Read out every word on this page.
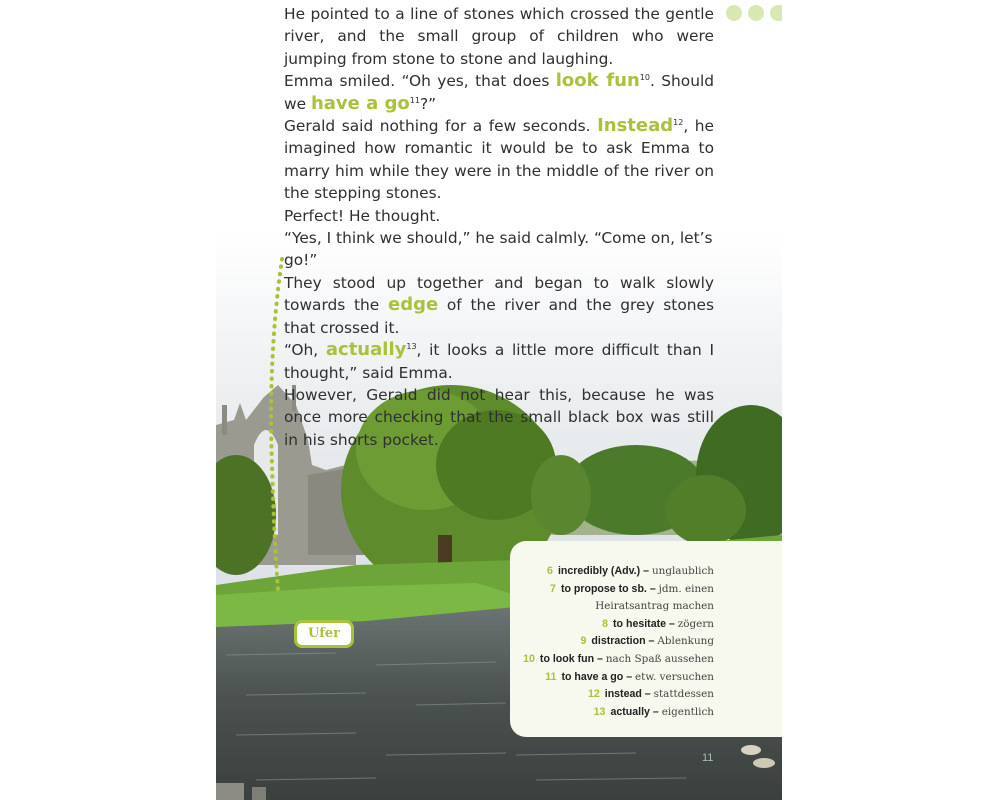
He pointed to a line of stones which crossed the gentle river, and the small group of children who were jumping from stone to stone and laughing.

Emma smiled. “Oh yes, that does look fun$^{10}$. Should we have a $go^{11}$?”

Gerald said nothing for a few seconds. Instead$^{12}$, he imagined how romantic it would be to ask Emma to marry him while they were in the middle of the river on the stepping stones.

Perfect! He thought.

“Yes, I think we should,” he said calmly. “Come on, let’s go!”

They stood up together and began to walk slowly towards the edge of the river and the grey stones that crossed it.

“Oh, actually$^{13}$, it looks a little more difficult than I thought,” said Emma.

However, Gerald did not hear this, because he was once more checking that the small black box was still in his shorts pocket.

Ufer
6 incredibly (Adv.) – unglaublich
7 to propose to sb. – jdm. einen
Heiratsantrag machen
8 to hesitate – zögern
9 distraction – Ablenkung
10 to look fun – nach Spaß aussehen
11 to have a go – etw. versuchen
12 instead – stattdessen
13 actually – eigentlich
11
